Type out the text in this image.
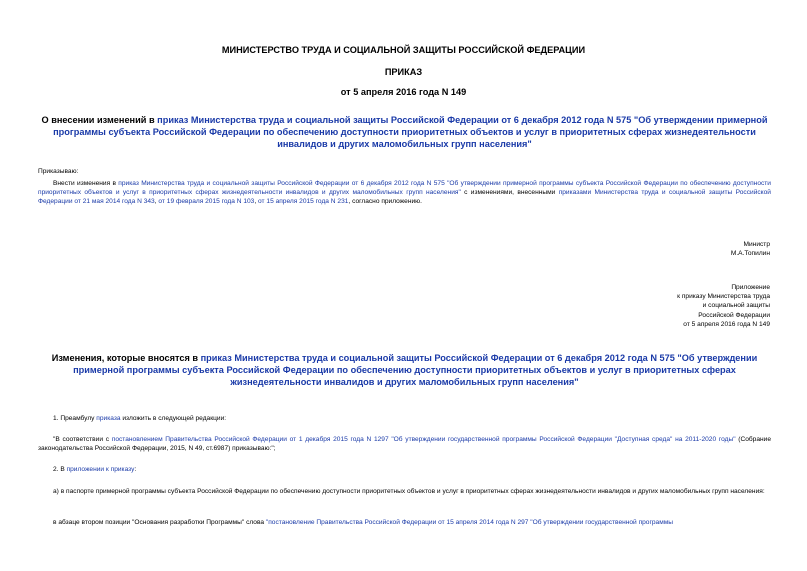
МИНИСТЕРСТВО ТРУДА И СОЦИАЛЬНОЙ ЗАЩИТЫ РОССИЙСКОЙ ФЕДЕРАЦИИ
ПРИКАЗ
от 5 апреля 2016 года N 149
О внесении изменений в приказ Министерства труда и социальной защиты Российской Федерации от 6 декабря 2012 года N 575 "Об утверждении примерной программы субъекта Российской Федерации по обеспечению доступности приоритетных объектов и услуг в приоритетных сферах жизнедеятельности инвалидов и других маломобильных групп населения"
Приказываю:
Внести изменения в приказ Министерства труда и социальной защиты Российской Федерации от 6 декабря 2012 года N 575 "Об утверждении примерной программы субъекта Российской Федерации по обеспечению доступности приоритетных объектов и услуг в приоритетных сферах жизнедеятельности инвалидов и других маломобильных групп населения" с изменениями, внесенными приказами Министерства труда и социальной защиты Российской Федерации от 21 мая 2014 года N 343, от 19 февраля 2015 года N 103, от 15 апреля 2015 года N 231, согласно приложению.
Министр
М.А.Топилин
Приложение
к приказу Министерства труда
и социальной защиты
Российской Федерации
от 5 апреля 2016 года N 149
Изменения, которые вносятся в приказ Министерства труда и социальной защиты Российской Федерации от 6 декабря 2012 года N 575 "Об утверждении примерной программы субъекта Российской Федерации по обеспечению доступности приоритетных объектов и услуг в приоритетных сферах жизнедеятельности инвалидов и других маломобильных групп населения"
1. Преамбулу приказа изложить в следующей редакции:
"В соответствии с постановлением Правительства Российской Федерации от 1 декабря 2015 года N 1297 "Об утверждении государственной программы Российской Федерации "Доступная среда" на 2011-2020 годы" (Собрание законодательства Российской Федерации, 2015, N 49, ст.6987) приказываю:";
2. В приложении к приказу:
а) в паспорте примерной программы субъекта Российской Федерации по обеспечению доступности приоритетных объектов и услуг в приоритетных сферах жизнедеятельности инвалидов и других маломобильных групп населения:
в абзаце втором позиции "Основания разработки Программы" слова "постановление Правительства Российской Федерации от 15 апреля 2014 года N 297 "Об утверждении государственной программы
